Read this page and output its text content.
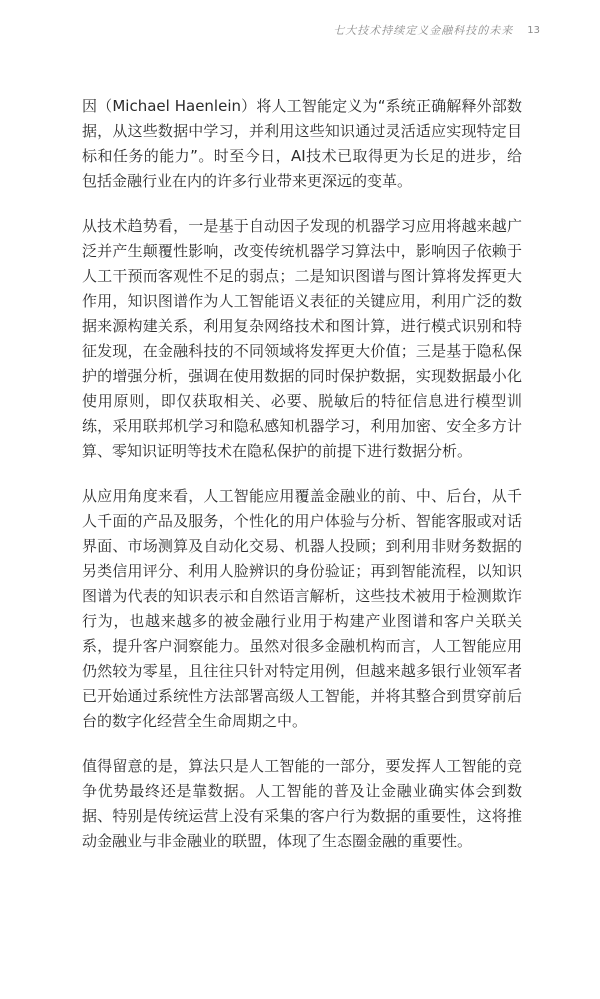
七大技术持续定义金融科技的未来 13

因（Michael Haenlein）将人工智能定义为“系统正确解释外部数据，从这些数据中学习，并利用这些知识通过灵活适应实现特定目标和任务的能力”。时至今日，AI技术已取得更为长足的进步，给包括金融行业在内的许多行业带来更深远的变革。

从技术趋势看，一是基于自动因子发现的机器学习应用将越来越广泛并产生颠覆性影响，改变传统机器学习算法中，影响因子依赖于人工干预而客观性不足的弱点；二是知识图谱与图计算将发挥更大作用，知识图谱作为人工智能语义表征的关键应用，利用广泛的数据来源构建关系，利用复杂网络技术和图计算，进行模式识别和特征发现，在金融科技的不同领域将发挥更大价值；三是基于隐私保护的增强分析，强调在使用数据的同时保护数据，实现数据最小化使用原则，即仅获取相关、必要、脱敏后的特征信息进行模型训练，采用联邦机学习和隐私感知机器学习，利用加密、安全多方计算、零知识证明等技术在隐私保护的前提下进行数据分析。

从应用角度来看，人工智能应用覆盖金融业的前、中、后台，从千人千面的产品及服务，个性化的用户体验与分析、智能客服或对话界面、市场测算及自动化交易、机器人投顾；到利用非财务数据的另类信用评分、利用人脸辨识的身份验证；再到智能流程，以知识图谱为代表的知识表示和自然语言解析，这些技术被用于检测欺诈行为，也越来越多的被金融行业用于构建产业图谱和客户关联关系，提升客户洞察能力。虽然对很多金融机构而言，人工智能应用仍然较为零星，且往往只针对特定用例，但越来越多银行业领军者已开始通过系统性方法部署高级人工智能，并将其整合到贯穿前后台的数字化经营全生命周期之中。

值得留意的是，算法只是人工智能的一部分，要发挥人工智能的竞争优势最终还是靠数据。人工智能的普及让金融业确实体会到数据、特别是传统运营上没有采集的客户行为数据的重要性，这将推动金融业与非金融业的联盟，体现了生态圈金融的重要性。
